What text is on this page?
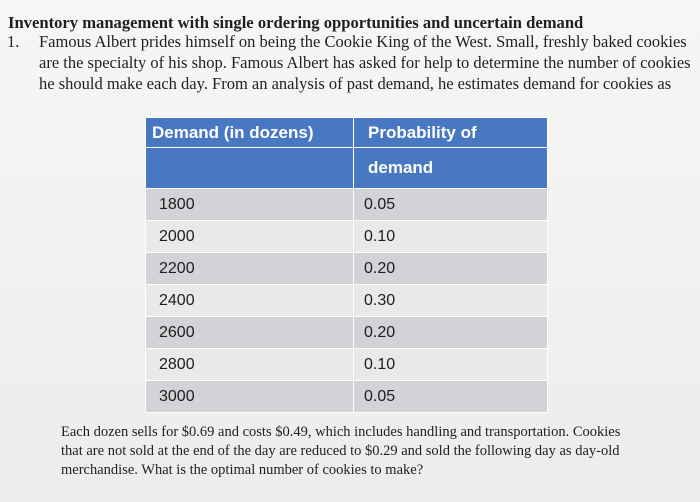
Inventory management with single ordering opportunities and uncertain demand
1. Famous Albert prides himself on being the Cookie King of the West. Small, freshly baked cookies
are the specialty of his shop. Famous Albert has asked for help to determine the number of cookies
he should make each day. From an analysis of past demand, he estimates demand for cookies as

Demand (in dozens)	Probability of

	demand

1800	0.05

2000	0.10

2200	0.20

2400	0.30

2600	0.20

2800	0.10

3000	0.05

Each dozen sells for $0.69 and costs $0.49, which includes handling and transportation. Cookies
that are not sold at the end of the day are reduced to $0.29 and sold the following day as day-old
merchandise. What is the optimal number of cookies to make?
